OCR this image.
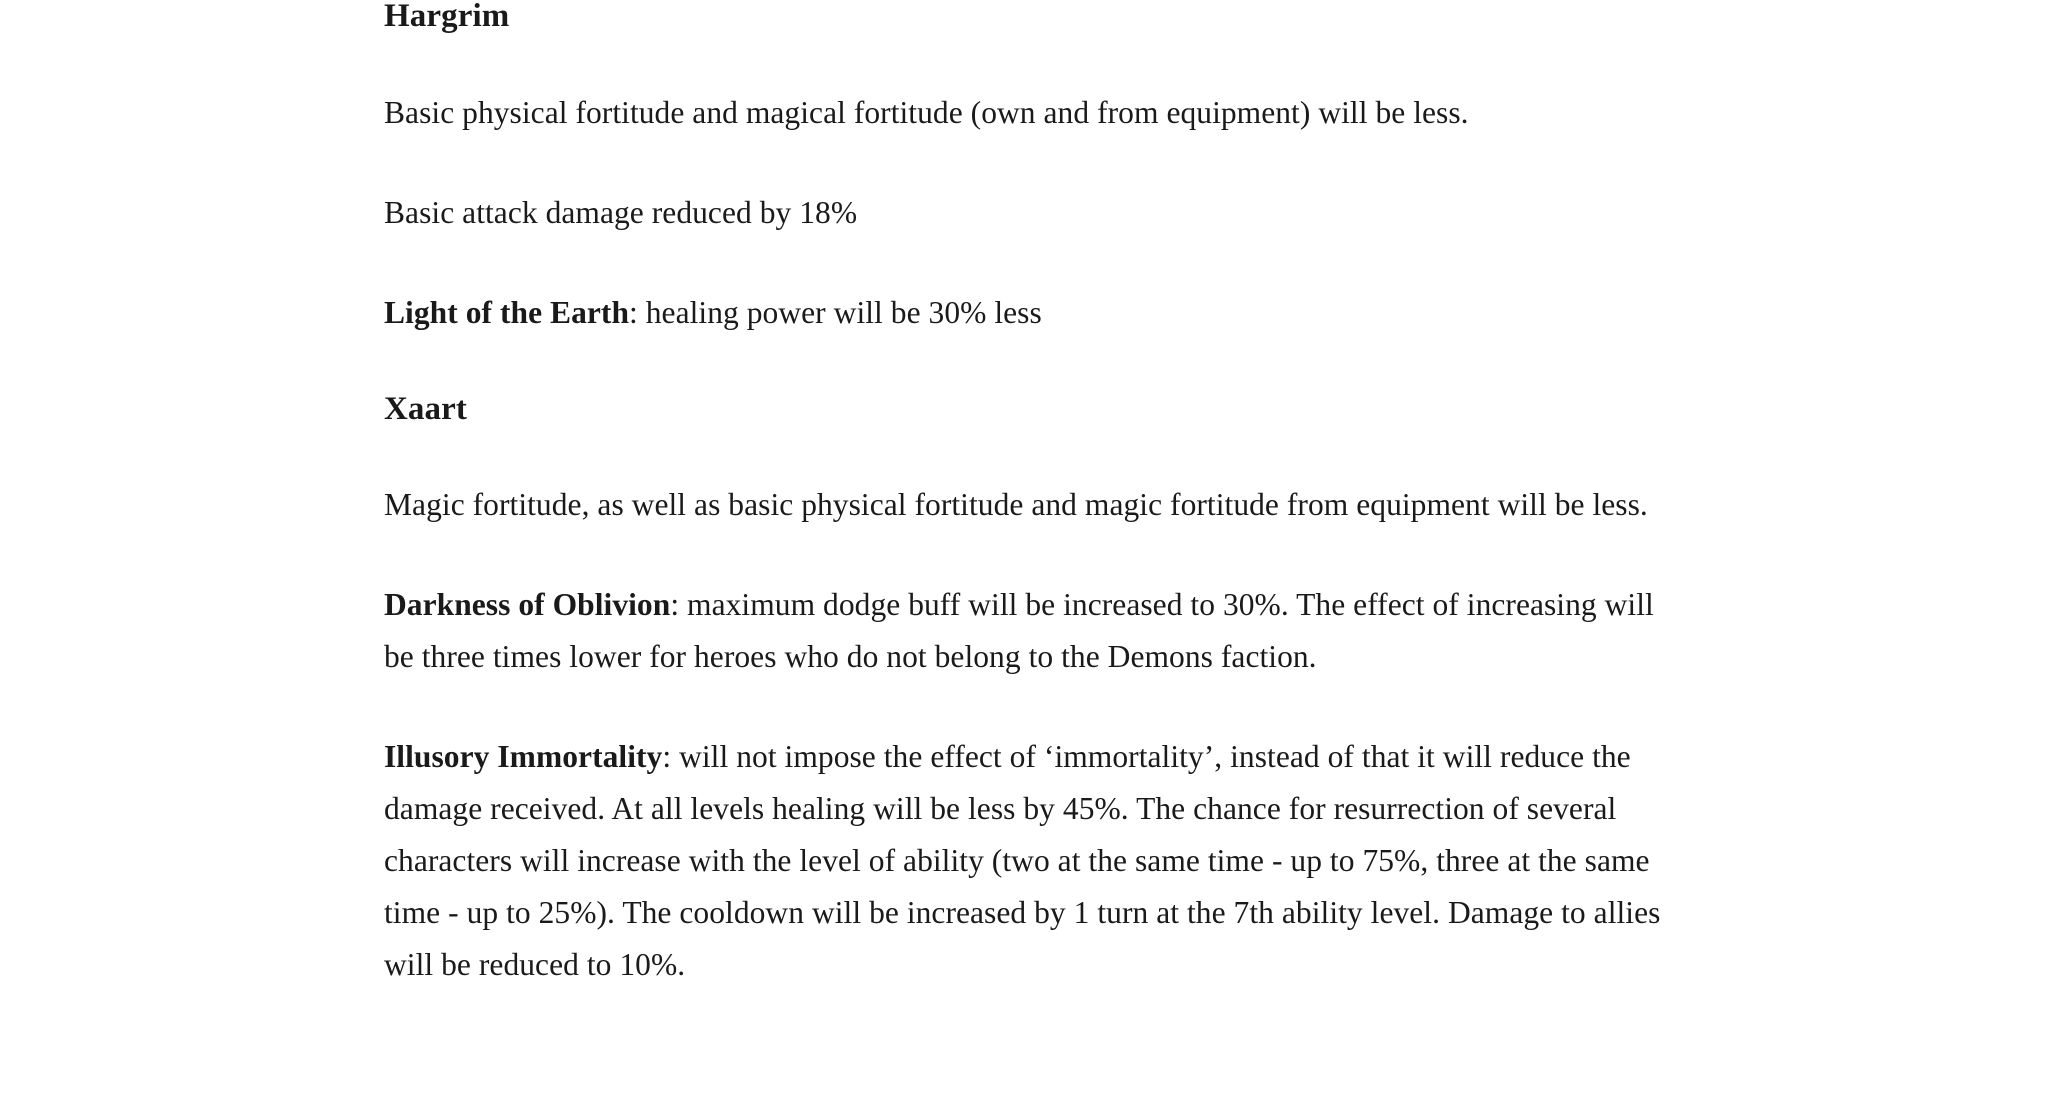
Hargrim

Basic physical fortitude and magical fortitude (own and from equipment) will be less.

Basic attack damage reduced by 18%

Light of the Earth: healing power will be 30% less

Xaart

Magic fortitude, as well as basic physical fortitude and magic fortitude from equipment will be less.

Darkness of Oblivion: maximum dodge buff will be increased to 30%. The effect of increasing will be three times lower for heroes who do not belong to the Demons faction.

Illusory Immortality: will not impose the effect of ‘immortality’, instead of that it will reduce the damage received. At all levels healing will be less by 45%. The chance for resurrection of several characters will increase with the level of ability (two at the same time - up to 75%, three at the same time - up to 25%). The cooldown will be increased by 1 turn at the 7th ability level. Damage to allies will be reduced to 10%.
